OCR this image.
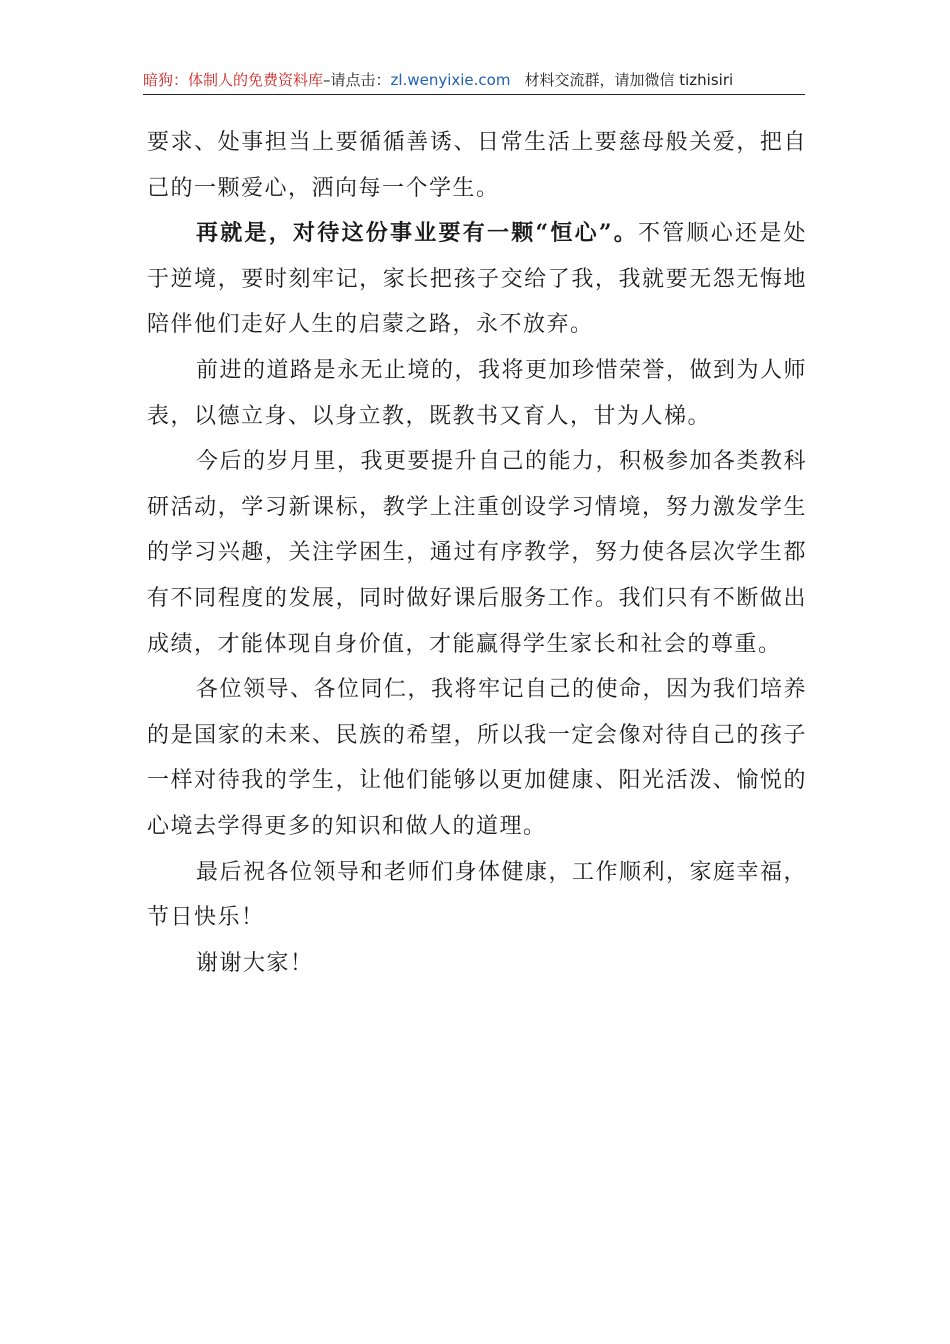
暗狗：体制人的免费资料库–请点击：zl.wenyixie.com 材料交流群，请加微信 tizhisiri

要求、处事担当上要循循善诱、日常生活上要慈母般关爱，把自己的一颗爱心，洒向每一个学生。

再就是，对待这份事业要有一颗“恒心”。不管顺心还是处于逆境，要时刻牢记，家长把孩子交给了我，我就要无怨无悔地陪伴他们走好人生的启蒙之路，永不放弃。

前进的道路是永无止境的，我将更加珍惜荣誉，做到为人师表，以德立身、以身立教，既教书又育人，甘为人梯。

今后的岁月里，我更要提升自己的能力，积极参加各类教科研活动，学习新课标，教学上注重创设学习情境，努力激发学生的学习兴趣，关注学困生，通过有序教学，努力使各层次学生都有不同程度的发展，同时做好课后服务工作。我们只有不断做出成绩，才能体现自身价值，才能赢得学生家长和社会的尊重。

各位领导、各位同仁，我将牢记自己的使命，因为我们培养的是国家的未来、民族的希望，所以我一定会像对待自己的孩子一样对待我的学生，让他们能够以更加健康、阳光活泼、愉悦的心境去学得更多的知识和做人的道理。

最后祝各位领导和老师们身体健康，工作顺利，家庭幸福，节日快乐！

谢谢大家！
